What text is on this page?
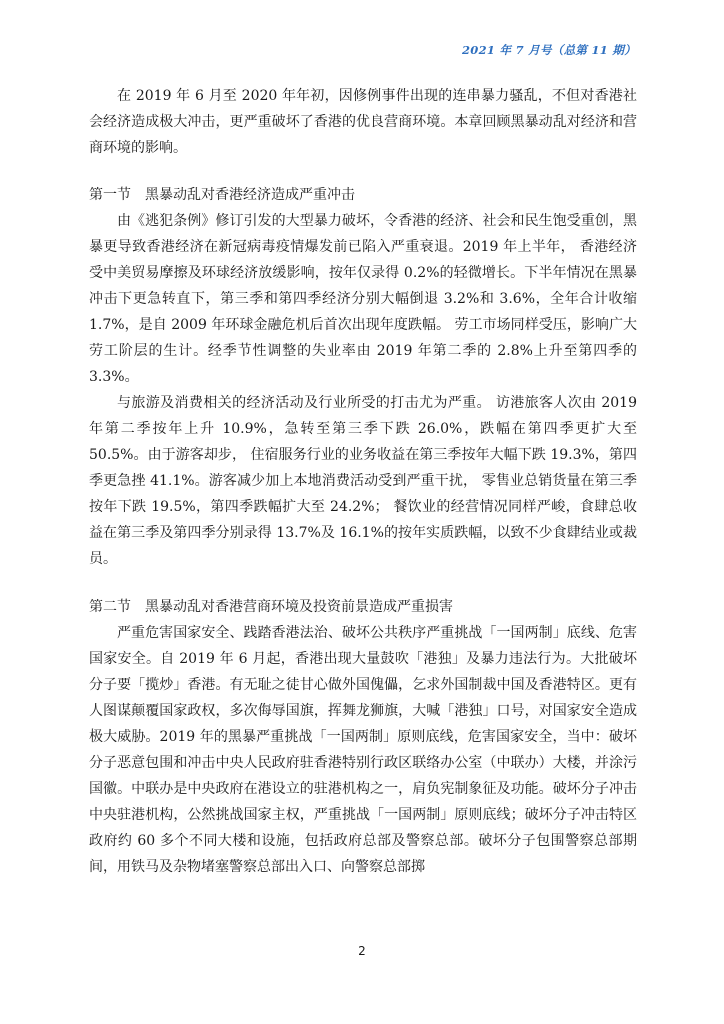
2021 年 7 月号（总第 11 期）

在 2019 年 6 月至 2020 年年初，因修例事件出现的连串暴力骚乱，不但对香港社会经济造成极大冲击，更严重破坏了香港的优良营商环境。本章回顾黑暴动乱对经济和营商环境的影响。

第一节　黑暴动乱对香港经济造成严重冲击

由《逃犯条例》修订引发的大型暴力破坏，令香港的经济、社会和民生饱受重创，黑暴更导致香港经济在新冠病毒疫情爆发前已陷入严重衰退。2019 年上半年， 香港经济受中美贸易摩擦及环球经济放缓影响，按年仅录得 0.2%的轻微增长。下半年情况在黑暴冲击下更急转直下，第三季和第四季经济分别大幅倒退 3.2%和 3.6%，全年合计收缩 1.7%，是自 2009 年环球金融危机后首次出现年度跌幅。 劳工市场同样受压，影响广大劳工阶层的生计。经季节性调整的失业率由 2019 年第二季的 2.8%上升至第四季的 3.3%。

与旅游及消费相关的经济活动及行业所受的打击尤为严重。 访港旅客人次由 2019 年第二季按年上升 10.9%，急转至第三季下跌 26.0%，跌幅在第四季更扩大至 50.5%。由于游客却步， 住宿服务行业的业务收益在第三季按年大幅下跌 19.3%，第四季更急挫 41.1%。游客减少加上本地消费活动受到严重干扰， 零售业总销货量在第三季按年下跌 19.5%，第四季跌幅扩大至 24.2%； 餐饮业的经营情况同样严峻，食肆总收益在第三季及第四季分别录得 13.7%及 16.1%的按年实质跌幅，以致不少食肆结业或裁员。

第二节　黑暴动乱对香港营商环境及投资前景造成严重损害

严重危害国家安全、践踏香港法治、破坏公共秩序严重挑战「一国两制」底线、危害国家安全。自 2019 年 6 月起，香港出现大量鼓吹「港独」及暴力违法行为。大批破坏分子要「揽炒」香港。有无耻之徒甘心做外国傀儡，乞求外国制裁中国及香港特区。更有人图谋颠覆国家政权，多次侮辱国旗，挥舞龙狮旗，大喊「港独」口号，对国家安全造成极大威胁。2019 年的黑暴严重挑战「一国两制」原则底线，危害国家安全，当中：破坏分子恶意包围和冲击中央人民政府驻香港特别行政区联络办公室（中联办）大楼，并涂污国徽。中联办是中央政府在港设立的驻港机构之一，肩负宪制象征及功能。破坏分子冲击中央驻港机构，公然挑战国家主权，严重挑战「一国两制」原则底线；破坏分子冲击特区政府约 60 多个不同大楼和设施，包括政府总部及警察总部。破坏分子包围警察总部期间，用铁马及杂物堵塞警察总部出入口、向警察总部掷

2
